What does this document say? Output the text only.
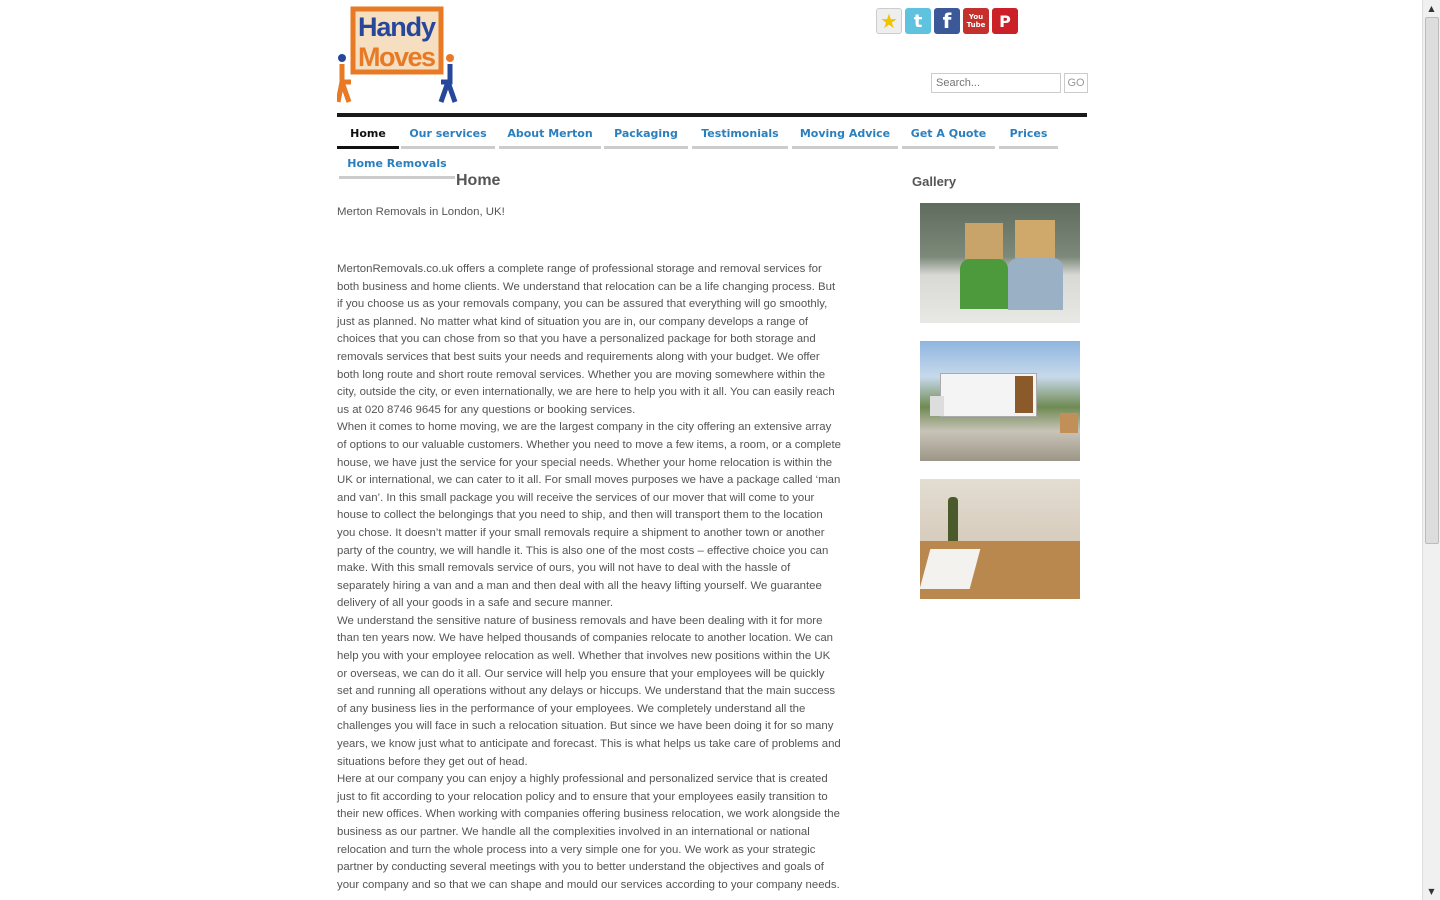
Handy
Moves
★ t	f	You Tube P
Search...
GO
Home	Our services	About Merton	Packaging	Testimonials	Moving Advice	Get A Quote	Prices
Home Removals
Home
Merton Removals in London, UK!

MertonRemovals.co.uk offers a complete range of professional storage and removal services for both business and home clients. We understand that relocation can be a life changing process. But if you choose us as your removals company, you can be assured that everything will go smoothly, just as planned. No matter what kind of situation you are in, our company develops a range of choices that you can chose from so that you have a personalized package for both storage and removals services that best suits your needs and requirements along with your budget. We offer both long route and short route removal services. Whether you are moving somewhere within the city, outside the city, or even internationally, we are here to help you with it all. You can easily reach us at 020 8746 9645 for any questions or booking services.

When it comes to home moving, we are the largest company in the city offering an extensive array of options to our valuable customers. Whether you need to move a few items, a room, or a complete house, we have just the service for your special needs. Whether your home relocation is within the UK or international, we can cater to it all. For small moves purposes we have a package called ‘man and van’. In this small package you will receive the services of our mover that will come to your house to collect the belongings that you need to ship, and then will transport them to the location you chose. It doesn’t matter if your small removals require a shipment to another town or another party of the country, we will handle it. This is also one of the most costs – effective choice you can make. With this small removals service of ours, you will not have to deal with the hassle of separately hiring a van and a man and then deal with all the heavy lifting yourself. We guarantee delivery of all your goods in a safe and secure manner.

We understand the sensitive nature of business removals and have been dealing with it for more than ten years now. We have helped thousands of companies relocate to another location. We can help you with your employee relocation as well. Whether that involves new positions within the UK or overseas, we can do it all. Our service will help you ensure that your employees will be quickly set and running all operations without any delays or hiccups. We understand that the main success of any business lies in the performance of your employees. We completely understand all the challenges you will face in such a relocation situation. But since we have been doing it for so many years, we know just what to anticipate and forecast. This is what helps us take care of problems and situations before they get out of head.

Here at our company you can enjoy a highly professional and personalized service that is created just to fit according to your relocation policy and to ensure that your employees easily transition to their new offices. When working with companies offering business relocation, we work alongside the business as our partner. We handle all the complexities involved in an international or national relocation and turn the whole process into a very simple one for you. We work as your strategic partner by conducting several meetings with you to better understand the objectives and goals of your company and so that we can shape and mould our services according to your company needs.

Gallery
▲
▼
